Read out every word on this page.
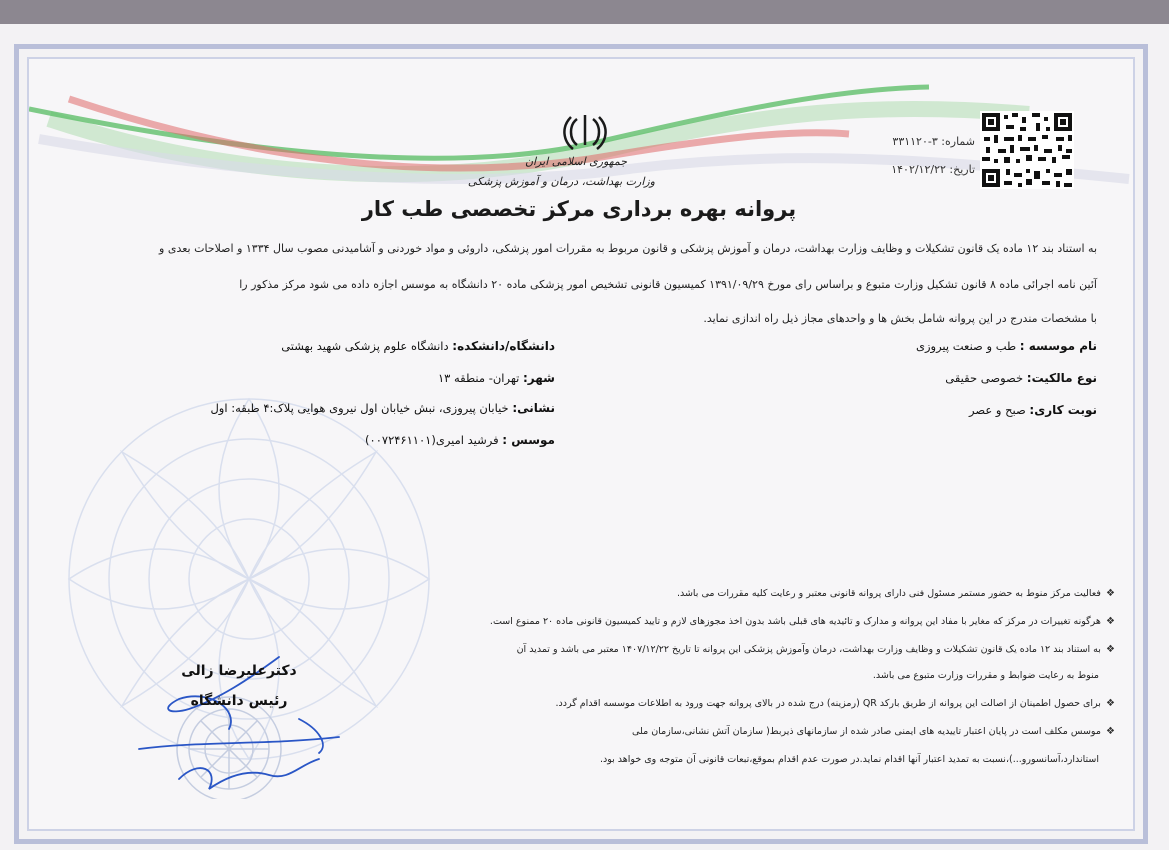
جمهوری اسلامی ایران
وزارت بهداشت، درمان و آموزش پزشکی
شماره: ۳-۳۳۱۱۲۰
تاریخ: ۱۴۰۲/۱۲/۲۲
پروانه بهره برداری مرکز تخصصی طب کار
به استناد بند ۱۲ ماده یک قانون تشکیلات و وظایف وزارت بهداشت، درمان و آموزش پزشکی و قانون مربوط به مقررات امور پزشکی، داروئی و مواد خوردنی و آشامیدنی مصوب سال ۱۳۳۴ و اصلاحات بعدی و
آئین نامه اجرائی ماده ۸ قانون تشکیل وزارت متبوع و براساس رای مورخ ۱۳۹۱/۰۹/۲۹ کمیسیون قانونی تشخیص امور پزشکی ماده ۲۰ دانشگاه به موسس اجازه داده می شود مرکز مذکور را
با مشخصات مندرج در این پروانه شامل بخش ها و واحدهای مجاز ذیل راه اندازی نماید.
نام موسسه : طب و صنعت پیروزی
نوع مالکیت: خصوصی حقیقی
نوبت کاری: صبح و عصر
دانشگاه/دانشکده: دانشگاه علوم پزشکی شهید بهشتی
شهر: تهران- منطقه ۱۳
نشانی: خیابان پیروزی، نبش خیابان اول نیروی هوایی پلاک:۴ طبقه: اول
موسس : فرشید امیری(۰۰۷۲۴۶۱۱۰۱)
❖ فعالیت مرکز منوط به حضور مستمر مسئول فنی دارای پروانه قانونی معتبر و رعایت کلیه مقررات می باشد.
❖ هرگونه تغییرات در مرکز که مغایر با مفاد این پروانه و مدارک و تائیدیه های قبلی باشد بدون اخذ مجوزهای لازم و تایید کمیسیون قانونی ماده ۲۰ ممنوع است.
❖ به استناد بند ۱۲ ماده یک قانون تشکیلات و وظایف وزارت بهداشت، درمان وآموزش پزشکی این پروانه تا تاریخ ۱۴۰۷/۱۲/۲۲ معتبر می باشد و تمدید آن
منوط به رعایت ضوابط و مقررات وزارت متبوع می باشد.
❖ برای حصول اطمینان از اصالت این پروانه از طریق بارکد QR (رمزینه) درج شده در بالای پروانه جهت ورود به اطلاعات موسسه اقدام گردد.
❖ موسس مکلف است در پایان اعتبار تاییدیه های ایمنی صادر شده از سازمانهای ذیربط( سازمان آتش نشانی،سازمان ملی
استاندارد،آسانسورو...)،نسبت به تمدید اعتبار آنها اقدام نماید.در صورت عدم اقدام بموقع،تبعات قانونی آن متوجه وی خواهد بود.
دکترعلیرضا زالی
رئیس دانشگاه
